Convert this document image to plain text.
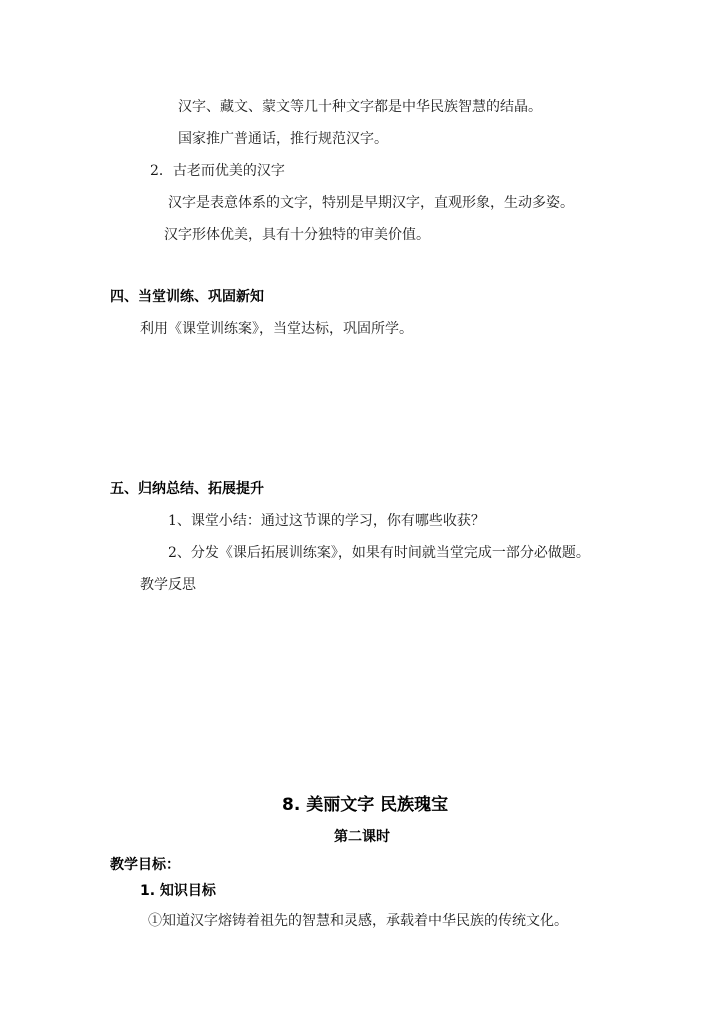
汉字、藏文、蒙文等几十种文字都是中华民族智慧的结晶。
国家推广普通话，推行规范汉字。
2．古老而优美的汉字
汉字是表意体系的文字，特别是早期汉字，直观形象，生动多姿。
汉字形体优美，具有十分独特的审美价值。
四、当堂训练、巩固新知
利用《课堂训练案》，当堂达标，巩固所学。
五、归纳总结、拓展提升
1、课堂小结：通过这节课的学习，你有哪些收获？
2、分发《课后拓展训练案》，如果有时间就当堂完成一部分必做题。
教学反思
8. 美丽文字 民族瑰宝
第二课时
教学目标：
1. 知识目标
①知道汉字熔铸着祖先的智慧和灵感，承载着中华民族的传统文化。
